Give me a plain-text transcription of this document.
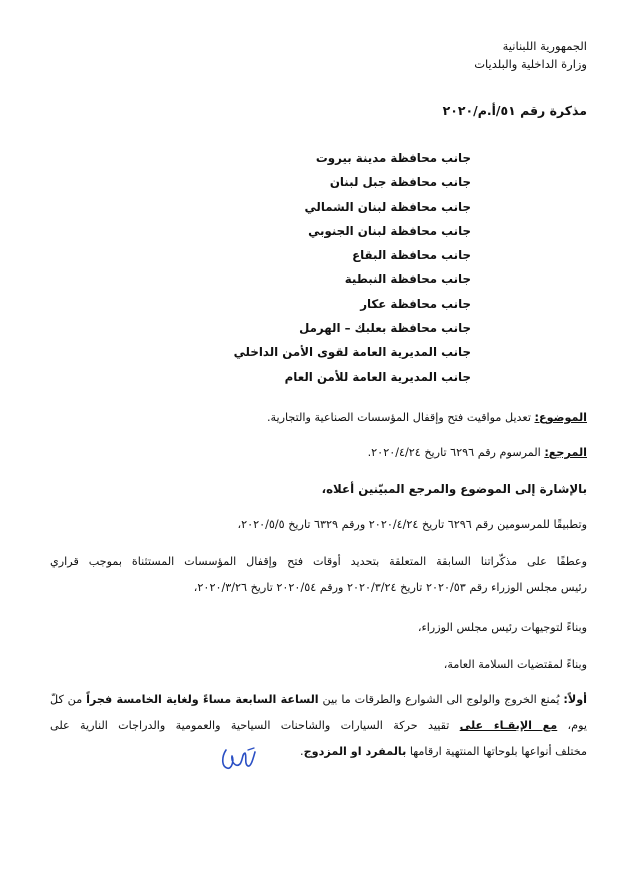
الجمهورية اللبنانية
وزارة الداخلية والبلديات
مذكرة رقم ٥١/أ.م/٢٠٢٠
جانب محافظة مدينة بيروت
جانب محافظة جبل لبنان
جانب محافظة لبنان الشمالي
جانب محافظة لبنان الجنوبي
جانب محافظة البقاع
جانب محافظة النبطية
جانب محافظة عكار
جانب محافظة بعلبك – الهرمل
جانب المديرية العامة لقوى الأمن الداخلي
جانب المديرية العامة للأمن العام
الموضوع: تعديل مواقيت فتح وإقفال المؤسسات الصناعية والتجارية.
المرجع: المرسوم رقم ٦٢٩٦ تاريخ ٢٠٢٠/٤/٢٤.
بالإشارة إلى الموضوع والمرجع المبيّنين أعلاه،
وتطبيقًا للمرسومين رقم ٦٢٩٦ تاريخ ٢٠٢٠/٤/٢٤ ورقم ٦٣٢٩ تاريخ ٢٠٢٠/٥/٥،
وعطفًا على مذكّراتنا السابقة المتعلقة بتحديد أوقات فتح وإقفال المؤسسات المستثناة بموجب قراري
رئيس مجلس الوزراء رقم ٢٠٢٠/٥٣ تاريخ ٢٠٢٠/٣/٢٤ ورقم ٢٠٢٠/٥٤ تاريخ ٢٠٢٠/٣/٢٦،
وبناءً لتوجيهات رئيس مجلس الوزراء،
وبناءً لمقتضيات السلامة العامة،
أولاً: يُمنع الخروج والولوج الى الشوارع والطرقات ما بين الساعة السابعة مساءً ولغاية الخامسة فجراً من كلّ
يوم، مع الإبقـاء على تقييد حركة السيارات والشاحنات السياحية والعمومية والدراجات النارية على
مختلف أنواعها بلوحاتها المنتهية ارقامها بالمفرد او المزدوج.
